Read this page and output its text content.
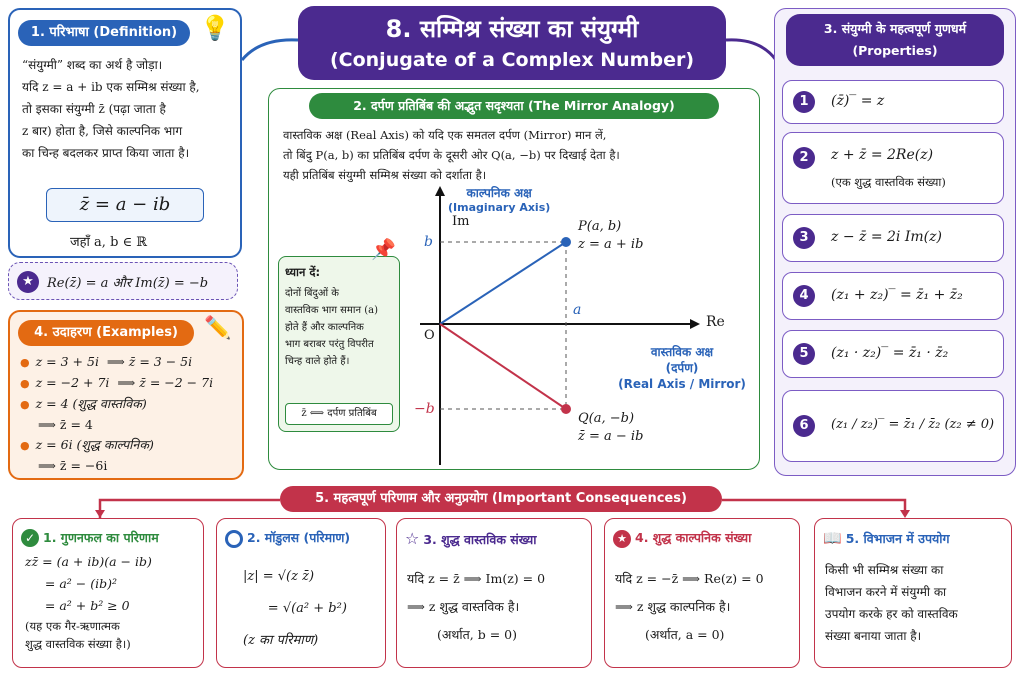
8. सम्मिश्र संख्या का संयुग्मी
(Conjugate of a Complex Number)
1. परिभाषा (Definition) 💡
“संयुग्मी” शब्द का अर्थ है जोड़ा।
यदि z = a + ib एक सम्मिश्र संख्या है,
तो इसका संयुग्मी z̄ (पढ़ा जाता है
z बार) होता है, जिसे काल्पनिक भाग
का चिन्ह बदलकर प्राप्त किया जाता है।
z̄ = a − ib
जहाँ a, b ∈ ℝ
★	Re(z̄) = a और Im(z̄) = −b
4. उदाहरण (Examples)	✏️
● z = 3 + 5i ⟹ z̄ = 3 − 5i
● z = −2 + 7i ⟹ z̄ = −2 − 7i
● z = 4 (शुद्ध वास्तविक)
⟹ z̄ = 4
● z = 6i (शुद्ध काल्पनिक)
⟹ z̄ = −6i
2. दर्पण प्रतिबिंब की अद्भुत सदृश्यता (The Mirror Analogy)
वास्तविक अक्ष (Real Axis) को यदि एक समतल दर्पण (Mirror) मान लें,
तो बिंदु P(a, b) का प्रतिबिंब दर्पण के दूसरी ओर Q(a, −b) पर दिखाई देता है।
यही प्रतिबिंब संयुग्मी सम्मिश्र संख्या को दर्शाता है।
काल्पनिक अक्ष
(Imaginary Axis)
Im
Re
O
b
−b
a
P(a, b)
z = a + ib
Q(a, −b)
z̄ = a − ib
वास्तविक अक्ष
(दर्पण)
(Real Axis / Mirror)
📌
ध्यान दें:
दोनों बिंदुओं के
वास्तविक भाग समान (a)
होते हैं और काल्पनिक
भाग बराबर परंतु विपरीत
चिन्ह वाले होते हैं।
z̄ ⟺ दर्पण प्रतिबिंब
3. संयुग्मी के महत्वपूर्ण गुणधर्म
(Properties)
1	(z̄)‾ = z
2	z + z̄ = 2Re(z)
(एक शुद्ध वास्तविक संख्या)
3	z − z̄ = 2i Im(z)
4	(z₁ + z₂)‾ = z̄₁ + z̄₂
5	(z₁ · z₂)‾ = z̄₁ · z̄₂
6	(z₁ / z₂)‾ = z̄₁ / z̄₂ (z₂ ≠ 0)
5. महत्वपूर्ण परिणाम और अनुप्रयोग (Important Consequences)
✓ 1. गुणनफल का परिणाम
zz̄ = (a + ib)(a − ib)
= a² − (ib)²
= a² + b² ≥ 0
(यह एक गैर-ऋणात्मक
शुद्ध वास्तविक संख्या है।)
2. मॉडुलस (परिमाण)
|z| = √(z z̄)
= √(a² + b²)
(z का परिमाण)
☆ 3. शुद्ध वास्तविक संख्या
यदि z = z̄ ⟹ Im(z) = 0
⟹ z शुद्ध वास्तविक है।
(अर्थात, b = 0)
★ 4. शुद्ध काल्पनिक संख्या
यदि z = −z̄ ⟹ Re(z) = 0
⟹ z शुद्ध काल्पनिक है।
(अर्थात, a = 0)
📖 5. विभाजन में उपयोग
किसी भी सम्मिश्र संख्या का
विभाजन करने में संयुग्मी का
उपयोग करके हर को वास्तविक
संख्या बनाया जाता है।
